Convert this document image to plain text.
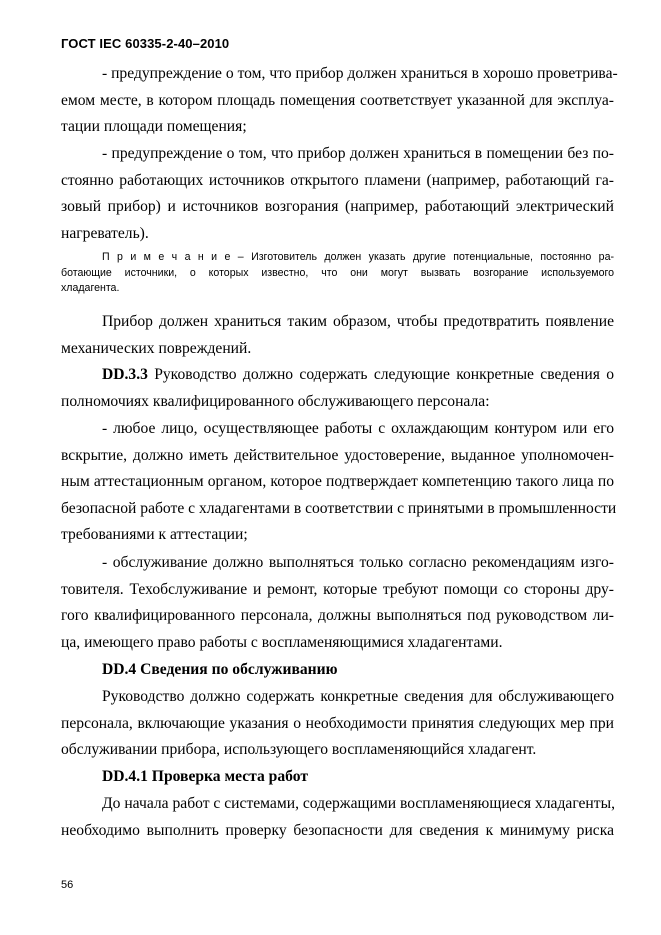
ГОСТ IEC 60335-2-40–2010
- предупреждение о том, что прибор должен храниться в хорошо проветрива-
емом месте, в котором площадь помещения соответствует указанной для эксплуа-
тации площади помещения;
- предупреждение о том, что прибор должен храниться в помещении без по-
стоянно работающих источников открытого пламени (например, работающий га-
зовый прибор) и источников возгорания (например, работающий электрический
нагреватель).
П р и м е ч а н и е – Изготовитель должен указать другие потенциальные, постоянно ра-
ботающие источники, о которых известно, что они могут вызвать возгорание используемого
хладагента.
Прибор должен храниться таким образом, чтобы предотвратить появление
механических повреждений.
DD.3.3 Руководство должно содержать следующие конкретные сведения о
полномочиях квалифицированного обслуживающего персонала:
- любое лицо, осуществляющее работы с охлаждающим контуром или его
вскрытие, должно иметь действительное удостоверение, выданное уполномочен-
ным аттестационным органом, которое подтверждает компетенцию такого лица по
безопасной работе с хладагентами в соответствии с принятыми в промышленности
требованиями к аттестации;
- обслуживание должно выполняться только согласно рекомендациям изго-
товителя. Техобслуживание и ремонт, которые требуют помощи со стороны дру-
гого квалифицированного персонала, должны выполняться под руководством ли-
ца, имеющего право работы с воспламеняющимися хладагентами.
DD.4 Сведения по обслуживанию
Руководство должно содержать конкретные сведения для обслуживающего
персонала, включающие указания о необходимости принятия следующих мер при
обслуживании прибора, использующего воспламеняющийся хладагент.
DD.4.1 Проверка места работ
До начала работ с системами, содержащими воспламеняющиеся хладагенты,
необходимо выполнить проверку безопасности для сведения к минимуму риска
56
